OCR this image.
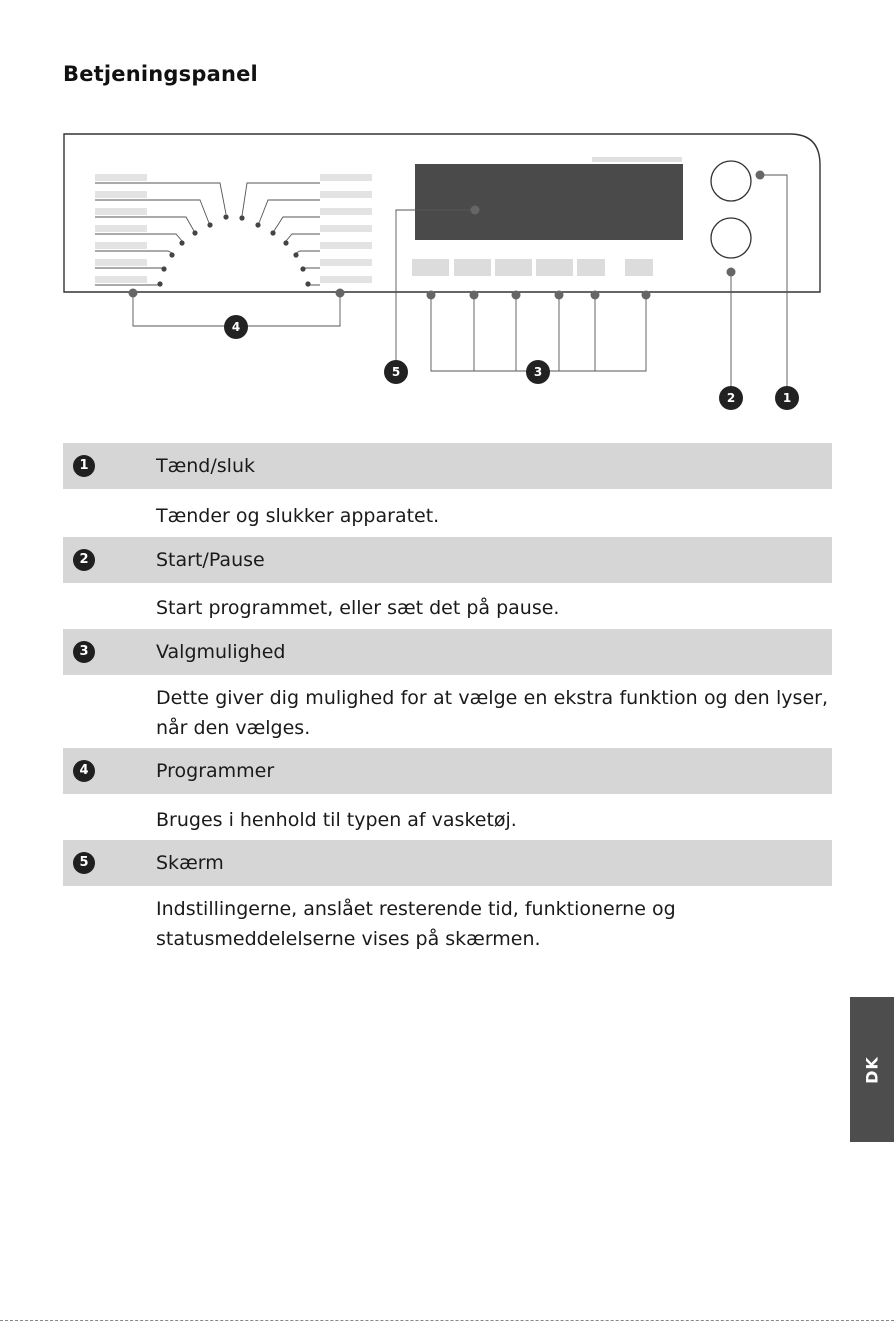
Betjeningspanel
4
5	3
2	1
1	Tænd/sluk
Tænder og slukker apparatet.
2	Start/Pause
Start programmet, eller sæt det på pause.
3	Valgmulighed
Dette giver dig mulighed for at vælge en ekstra funktion og den lyser, når den vælges.
4	Programmer
Bruges i henhold til typen af vasketøj.
5	Skærm
Indstillingerne, anslået resterende tid, funktionerne og statusmeddelelserne vises på skærmen.
DK
